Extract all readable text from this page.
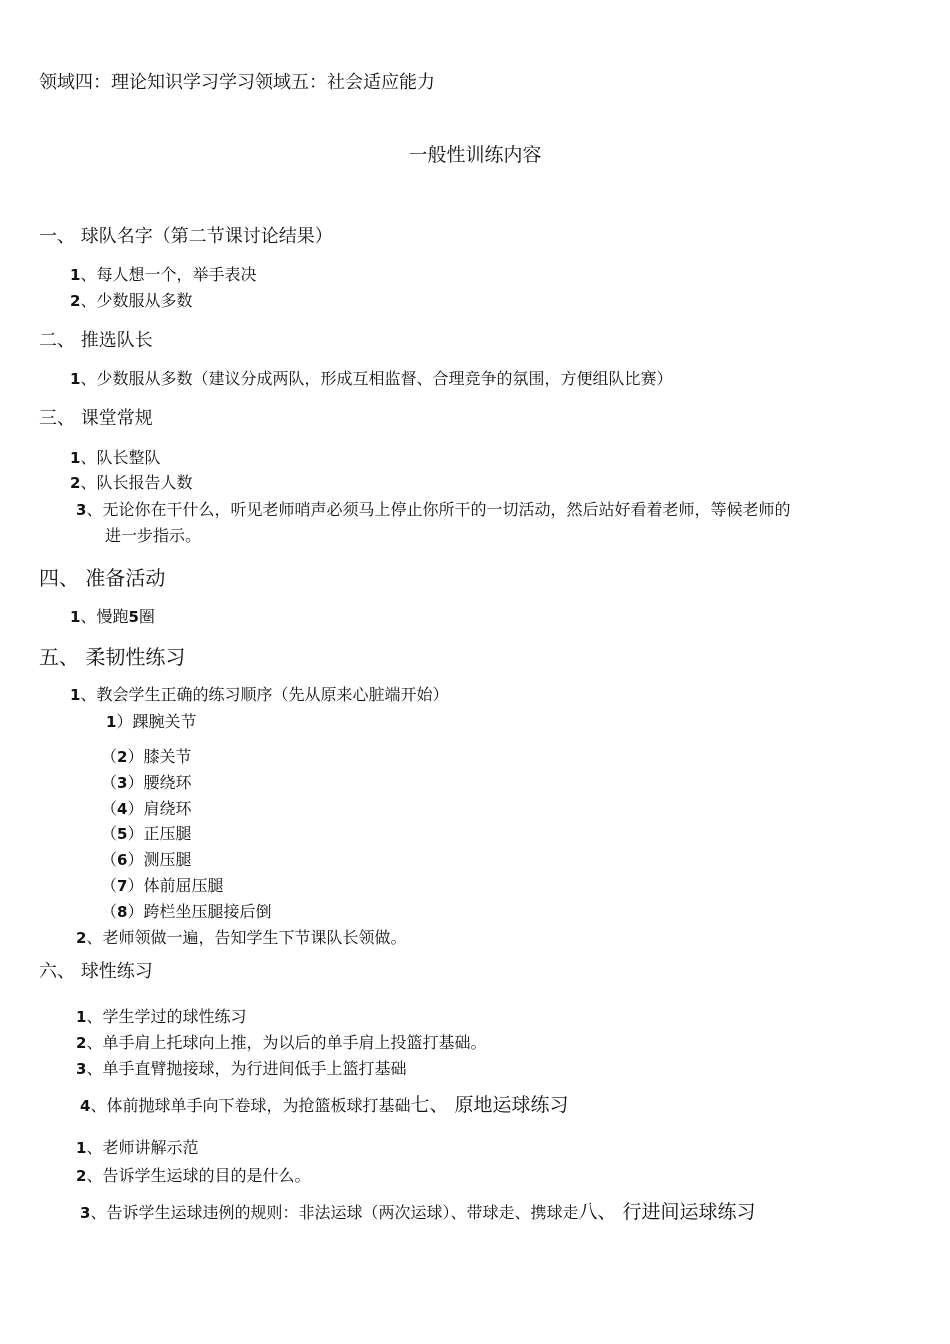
领域四：理论知识学习学习领域五：社会适应能力
一般性训练内容
一、 球队名字（第二节课讨论结果）
1、每人想一个，举手表决
2、少数服从多数
二、 推选队长
1、少数服从多数（建议分成两队，形成互相监督、合理竞争的氛围，方便组队比赛）
三、 课堂常规
1、队长整队
2、队长报告人数
3、无论你在干什么，听见老师哨声必须马上停止你所干的一切活动，然后站好看着老师，等候老师的
进一步指示。
四、 准备活动
1、慢跑5圈
五、 柔韧性练习
1、教会学生正确的练习顺序（先从原来心脏端开始）
1）踝腕关节
（2）膝关节
（3）腰绕环
（4）肩绕环
（5）正压腿
（6）测压腿
（7）体前屈压腿
（8）跨栏坐压腿接后倒
2、老师领做一遍，告知学生下节课队长领做。
六、 球性练习
1、学生学过的球性练习
2、单手肩上托球向上推，为以后的单手肩上投篮打基础。
3、单手直臂抛接球，为行进间低手上篮打基础
4、体前抛球单手向下卷球，为抢篮板球打基础七、 原地运球练习
1、老师讲解示范
2、告诉学生运球的目的是什么。
3、告诉学生运球违例的规则：非法运球（两次运球）、带球走、携球走八、 行进间运球练习
